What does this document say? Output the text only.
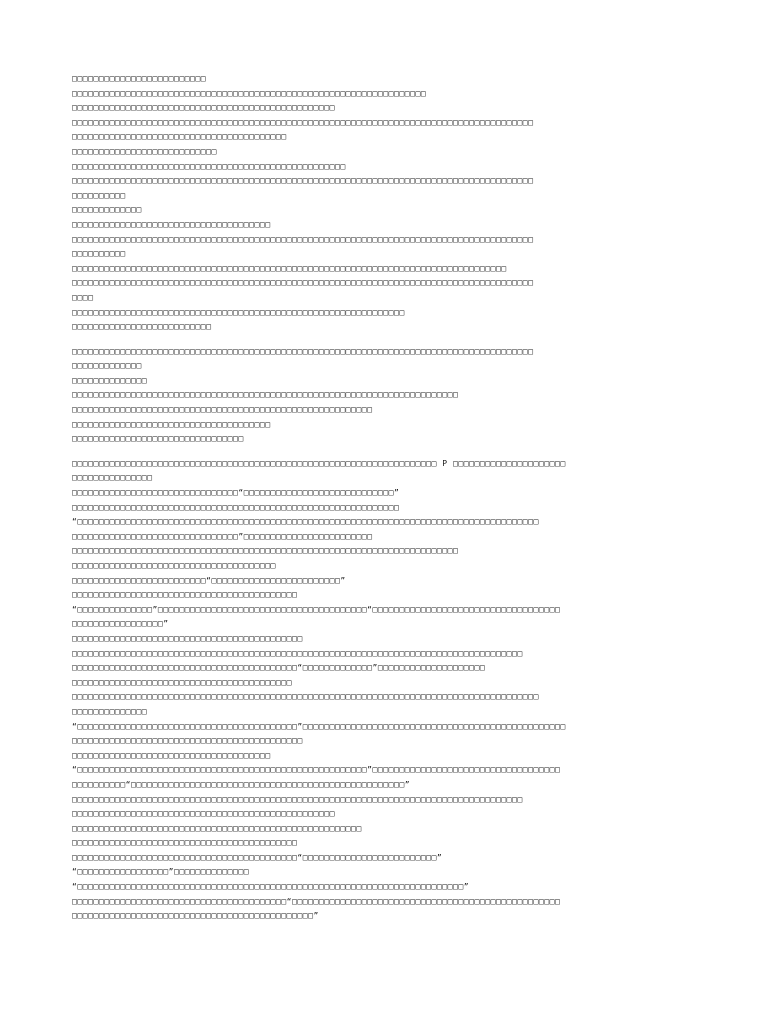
□□□□□□□□□□□□□□□□□□□□□□□□□
□□□□□□□□□□□□□□□□□□□□□□□□□□□□□□□□□□□□□□□□□□□□□□□□□□□□□□□□□□□□□□□□□□
□□□□□□□□□□□□□□□□□□□□□□□□□□□□□□□□□□□□□□□□□□□□□□□□□
□□□□□□□□□□□□□□□□□□□□□□□□□□□□□□□□□□□□□□□□□□□□□□□□□□□□□□□□□□□□□□□□□□□□□□□□□□□□□□□□□□□□□□
□□□□□□□□□□□□□□□□□□□□□□□□□□□□□□□□□□□□□□□□
□□□□□□□□□□□□□□□□□□□□□□□□□□□
□□□□□□□□□□□□□□□□□□□□□□□□□□□□□□□□□□□□□□□□□□□□□□□□□□□
□□□□□□□□□□□□□□□□□□□□□□□□□□□□□□□□□□□□□□□□□□□□□□□□□□□□□□□□□□□□□□□□□□□□□□□□□□□□□□□□□□□□□□
□□□□□□□□□□
□□□□□□□□□□□□□
□□□□□□□□□□□□□□□□□□□□□□□□□□□□□□□□□□□□□
□□□□□□□□□□□□□□□□□□□□□□□□□□□□□□□□□□□□□□□□□□□□□□□□□□□□□□□□□□□□□□□□□□□□□□□□□□□□□□□□□□□□□□
□□□□□□□□□□
□□□□□□□□□□□□□□□□□□□□□□□□□□□□□□□□□□□□□□□□□□□□□□□□□□□□□□□□□□□□□□□□□□□□□□□□□□□□□□□□□
□□□□□□□□□□□□□□□□□□□□□□□□□□□□□□□□□□□□□□□□□□□□□□□□□□□□□□□□□□□□□□□□□□□□□□□□□□□□□□□□□□□□□□
□□□□
□□□□□□□□□□□□□□□□□□□□□□□□□□□□□□□□□□□□□□□□□□□□□□□□□□□□□□□□□□□□□□
□□□□□□□□□□□□□□□□□□□□□□□□□□
□□□□□□□□□□□□□□□□□□□□□□□□□□□□□□□□□□□□□□□□□□□□□□□□□□□□□□□□□□□□□□□□□□□□□□□□□□□□□□□□□□□□□□
□□□□□□□□□□□□□
□□□□□□□□□□□□□□
□□□□□□□□□□□□□□□□□□□□□□□□□□□□□□□□□□□□□□□□□□□□□□□□□□□□□□□□□□□□□□□□□□□□□□□□
□□□□□□□□□□□□□□□□□□□□□□□□□□□□□□□□□□□□□□□□□□□□□□□□□□□□□□□□
□□□□□□□□□□□□□□□□□□□□□□□□□□□□□□□□□□□□□
□□□□□□□□□□□□□□□□□□□□□□□□□□□□□□□□
□□□□□□□□□□□□□□□□□□□□□□□□□□□□□□□□□□□□□□□□□□□□□□□□□□□□□□□□□□□□□□□□□□□□ P □□□□□□□□□□□□□□□□□□□□□
□□□□□□□□□□□□□□□
□□□□□□□□□□□□□□□□□□□□□□□□□□□□□□□“□□□□□□□□□□□□□□□□□□□□□□□□□□□□”
□□□□□□□□□□□□□□□□□□□□□□□□□□□□□□□□□□□□□□□□□□□□□□□□□□□□□□□□□□□□□
“□□□□□□□□□□□□□□□□□□□□□□□□□□□□□□□□□□□□□□□□□□□□□□□□□□□□□□□□□□□□□□□□□□□□□□□□□□□□□□□□□□□□□□
□□□□□□□□□□□□□□□□□□□□□□□□□□□□□□□”□□□□□□□□□□□□□□□□□□□□□□□□
□□□□□□□□□□□□□□□□□□□□□□□□□□□□□□□□□□□□□□□□□□□□□□□□□□□□□□□□□□□□□□□□□□□□□□□□
□□□□□□□□□□□□□□□□□□□□□□□□□□□□□□□□□□□□□□
□□□□□□□□□□□□□□□□□□□□□□□□□“□□□□□□□□□□□□□□□□□□□□□□□□”
□□□□□□□□□□□□□□□□□□□□□□□□□□□□□□□□□□□□□□□□□□
“□□□□□□□□□□□□□□”□□□□□□□□□□□□□□□□□□□□□□□□□□□□□□□□□□□□□□□“□□□□□□□□□□□□□□□□□□□□□□□□□□□□□□□□□□□
□□□□□□□□□□□□□□□□□”
□□□□□□□□□□□□□□□□□□□□□□□□□□□□□□□□□□□□□□□□□□□
□□□□□□□□□□□□□□□□□□□□□□□□□□□□□□□□□□□□□□□□□□□□□□□□□□□□□□□□□□□□□□□□□□□□□□□□□□□□□□□□□□□□
□□□□□□□□□□□□□□□□□□□□□□□□□□□□□□□□□□□□□□□□□□“□□□□□□□□□□□□□”□□□□□□□□□□□□□□□□□□□□
□□□□□□□□□□□□□□□□□□□□□□□□□□□□□□□□□□□□□□□□□
□□□□□□□□□□□□□□□□□□□□□□□□□□□□□□□□□□□□□□□□□□□□□□□□□□□□□□□□□□□□□□□□□□□□□□□□□□□□□□□□□□□□□□□
□□□□□□□□□□□□□□
“□□□□□□□□□□□□□□□□□□□□□□□□□□□□□□□□□□□□□□□□□”□□□□□□□□□□□□□□□□□□□□□□□□□□□□□□□□□□□□□□□□□□□□□□□□□
□□□□□□□□□□□□□□□□□□□□□□□□□□□□□□□□□□□□□□□□□□□
□□□□□□□□□□□□□□□□□□□□□□□□□□□□□□□□□□□□□
“□□□□□□□□□□□□□□□□□□□□□□□□□□□□□□□□□□□□□□□□□□□□□□□□□□□□□□”□□□□□□□□□□□□□□□□□□□□□□□□□□□□□□□□□□□
□□□□□□□□□□“□□□□□□□□□□□□□□□□□□□□□□□□□□□□□□□□□□□□□□□□□□□□□□□□□□□”
□□□□□□□□□□□□□□□□□□□□□□□□□□□□□□□□□□□□□□□□□□□□□□□□□□□□□□□□□□□□□□□□□□□□□□□□□□□□□□□□□□□□
□□□□□□□□□□□□□□□□□□□□□□□□□□□□□□□□□□□□□□□□□□□□□□□□□
□□□□□□□□□□□□□□□□□□□□□□□□□□□□□□□□□□□□□□□□□□□□□□□□□□□□□□
□□□□□□□□□□□□□□□□□□□□□□□□□□□□□□□□□□□□□□□□□□
□□□□□□□□□□□□□□□□□□□□□□□□□□□□□□□□□□□□□□□□□□“□□□□□□□□□□□□□□□□□□□□□□□□□”
“□□□□□□□□□□□□□□□□□”□□□□□□□□□□□□□□
“□□□□□□□□□□□□□□□□□□□□□□□□□□□□□□□□□□□□□□□□□□□□□□□□□□□□□□□□□□□□□□□□□□□□□□□□”
□□□□□□□□□□□□□□□□□□□□□□□□□□□□□□□□□□□□□□□□“□□□□□□□□□□□□□□□□□□□□□□□□□□□□□□□□□□□□□□□□□□□□□□□□□□
□□□□□□□□□□□□□□□□□□□□□□□□□□□□□□□□□□□□□□□□□□□□□”
